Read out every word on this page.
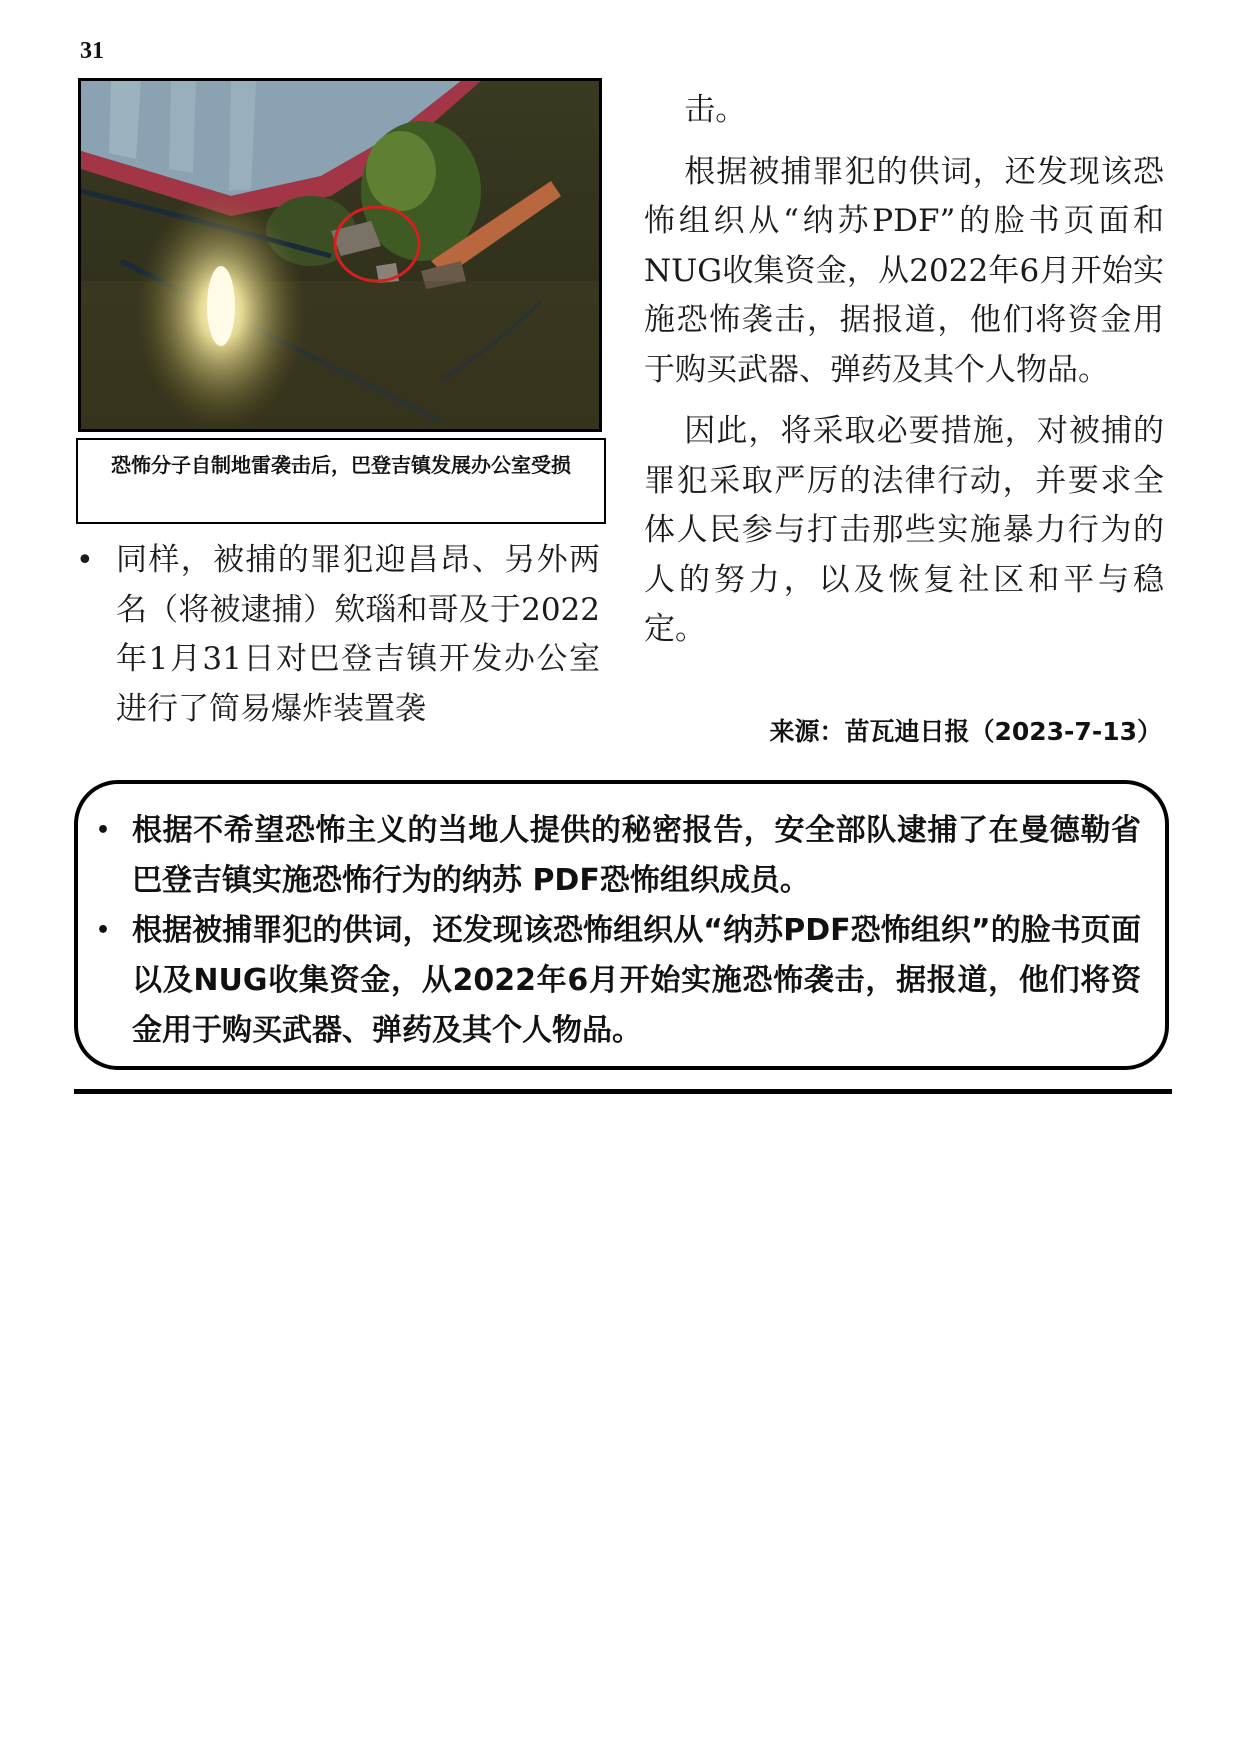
31
恐怖分子自制地雷袭击后，巴登吉镇发展办公室受损
• 同样，被捕的罪犯迎昌昂、另外两名（将被逮捕）欸瑙和哥及于2022年1月31日对巴登吉镇开发办公室进行了简易爆炸装置袭

击。

根据被捕罪犯的供词，还发现该恐怖组织从“纳苏PDF”的脸书页面和NUG收集资金，从2022年6月开始实施恐怖袭击，据报道，他们将资金用于购买武器、弹药及其个人物品。

因此，将采取必要措施，对被捕的罪犯采取严厉的法律行动，并要求全体人民参与打击那些实施暴力行为的人的努力，以及恢复社区和平与稳定。

来源：苗瓦迪日报（2023-7-13）
• 根据不希望恐怖主义的当地人提供的秘密报告，安全部队逮捕了在曼德勒省巴登吉镇实施恐怖行为的纳苏 PDF恐怖组织成员。
• 根据被捕罪犯的供词，还发现该恐怖组织从“纳苏PDF恐怖组织”的脸书页面以及NUG收集资金，从2022年6月开始实施恐怖袭击，据报道，他们将资金用于购买武器、弹药及其个人物品。
